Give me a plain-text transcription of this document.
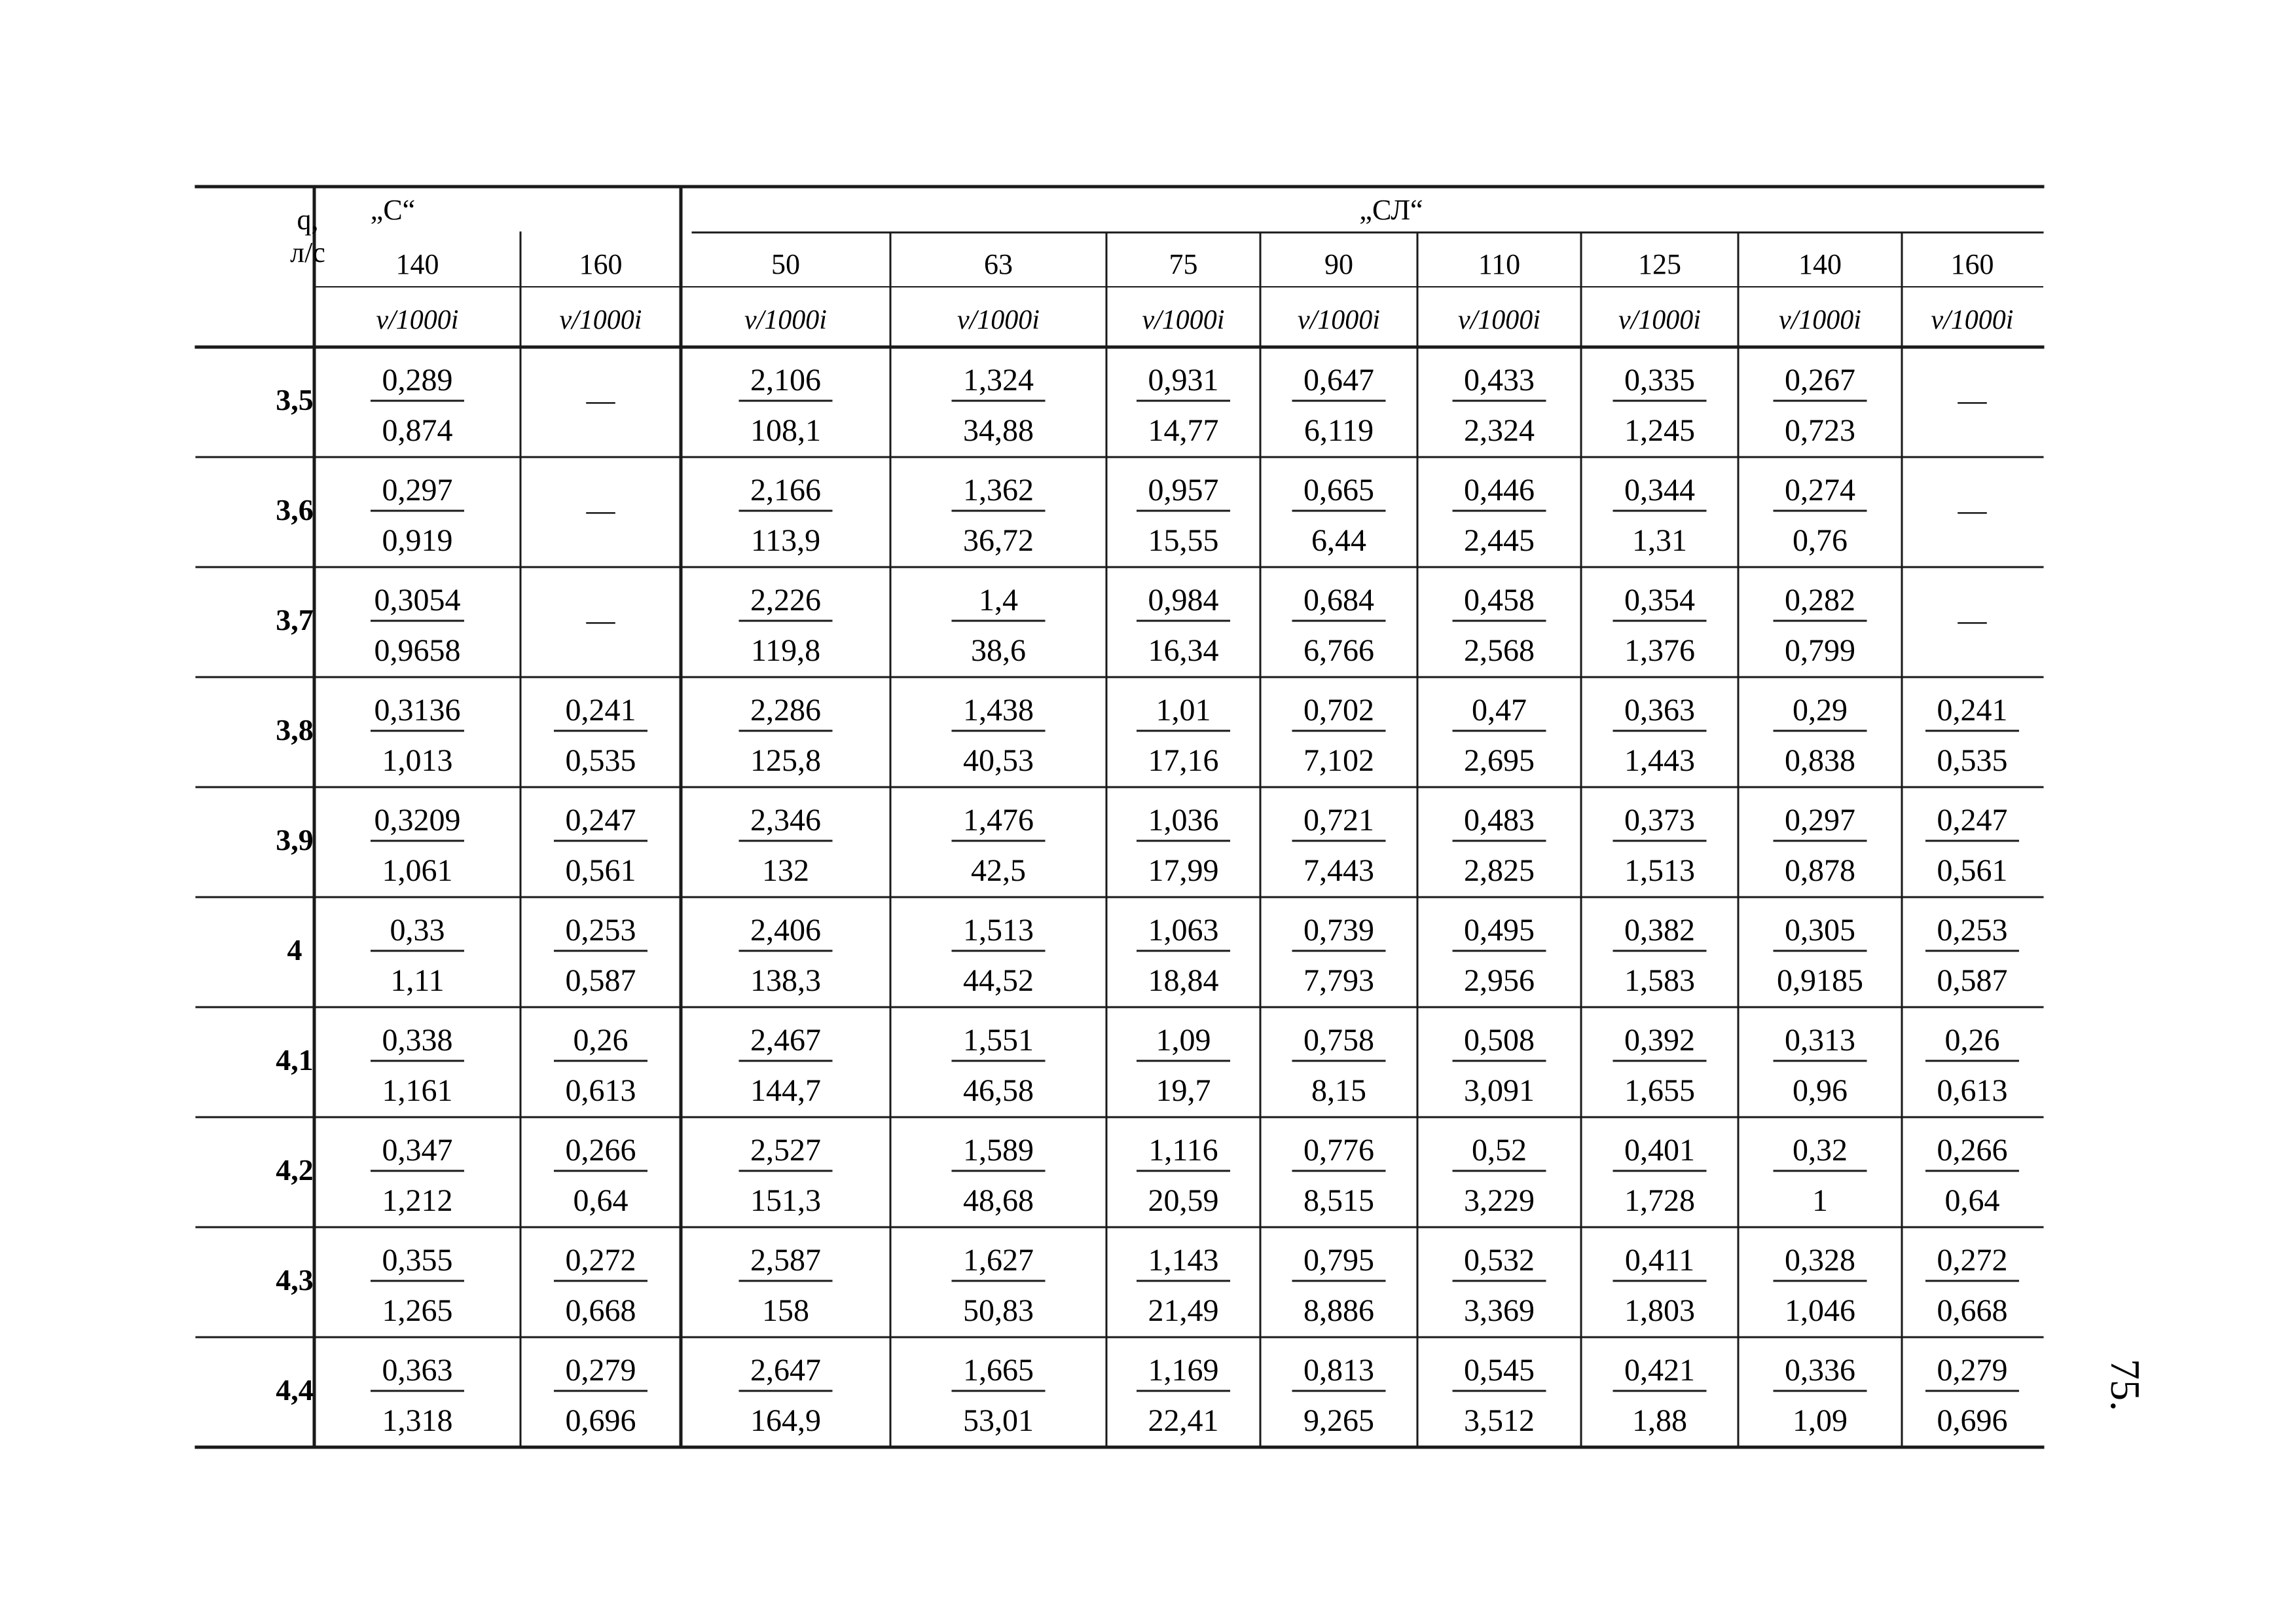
q,
л/с
„С“	„СЛ“
140
v/1000i
160
v/1000i
50
v/1000i
63
v/1000i
75
v/1000i
90
v/1000i
110
v/1000i
125
v/1000i
140
v/1000i
160
v/1000i
3,5
0,289
0,874
—
2,106
108,1
1,324
34,88
0,931
14,77
0,647
6,119
0,433
2,324
0,335
1,245
0,267
0,723
—
3,6
0,297
0,919
—
2,166
113,9
1,362
36,72
0,957
15,55
0,665
6,44
0,446
2,445
0,344
1,31
0,274
0,76
—
3,7
0,3054
0,9658
—
2,226
119,8
1,4
38,6
0,984
16,34
0,684
6,766
0,458
2,568
0,354
1,376
0,282
0,799
—
3,8
0,3136
1,013
0,241
0,535
2,286
125,8
1,438
40,53
1,01
17,16
0,702
7,102
0,47
2,695
0,363
1,443
0,29
0,838
0,241
0,535
3,9
0,3209
1,061
0,247
0,561
2,346
132
1,476
42,5
1,036
17,99
0,721
7,443
0,483
2,825
0,373
1,513
0,297
0,878
0,247
0,561
4
0,33
1,11
0,253
0,587
2,406
138,3
1,513
44,52
1,063
18,84
0,739
7,793
0,495
2,956
0,382
1,583
0,305
0,9185
0,253
0,587
4,1
0,338
1,161
0,26
0,613
2,467
144,7
1,551
46,58
1,09
19,7
0,758
8,15
0,508
3,091
0,392
1,655
0,313
0,96
0,26
0,613
4,2
0,347
1,212
0,266
0,64
2,527
151,3
1,589
48,68
1,116
20,59
0,776
8,515
0,52
3,229
0,401
1,728
0,32
1
0,266
0,64
4,3
0,355
1,265
0,272
0,668
2,587
158
1,627
50,83
1,143
21,49
0,795
8,886
0,532
3,369
0,411
1,803
0,328
1,046
0,272
0,668
4,4
0,363
1,318
0,279
0,696
2,647
164,9
1,665
53,01
1,169
22,41
0,813
9,265
0,545
3,512
0,421
1,88
0,336
1,09
0,279
0,696
75.
